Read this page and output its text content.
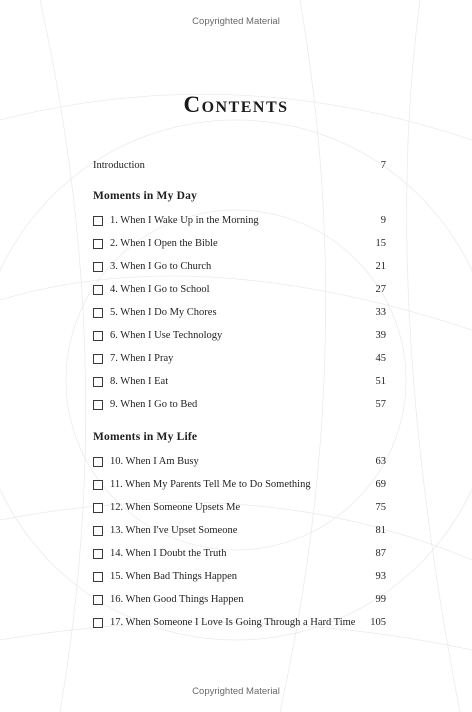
Copyrighted Material
Contents
Introduction	7
Moments in My Day
1. When I Wake Up in the Morning	9
2. When I Open the Bible	15
3. When I Go to Church	21
4. When I Go to School	27
5. When I Do My Chores	33
6. When I Use Technology	39
7. When I Pray	45
8. When I Eat	51
9. When I Go to Bed	57
Moments in My Life
10. When I Am Busy	63
11. When My Parents Tell Me to Do Something	69
12. When Someone Upsets Me	75
13. When I've Upset Someone	81
14. When I Doubt the Truth	87
15. When Bad Things Happen	93
16. When Good Things Happen	99
17. When Someone I Love Is Going Through a Hard Time 105
Copyrighted Material
